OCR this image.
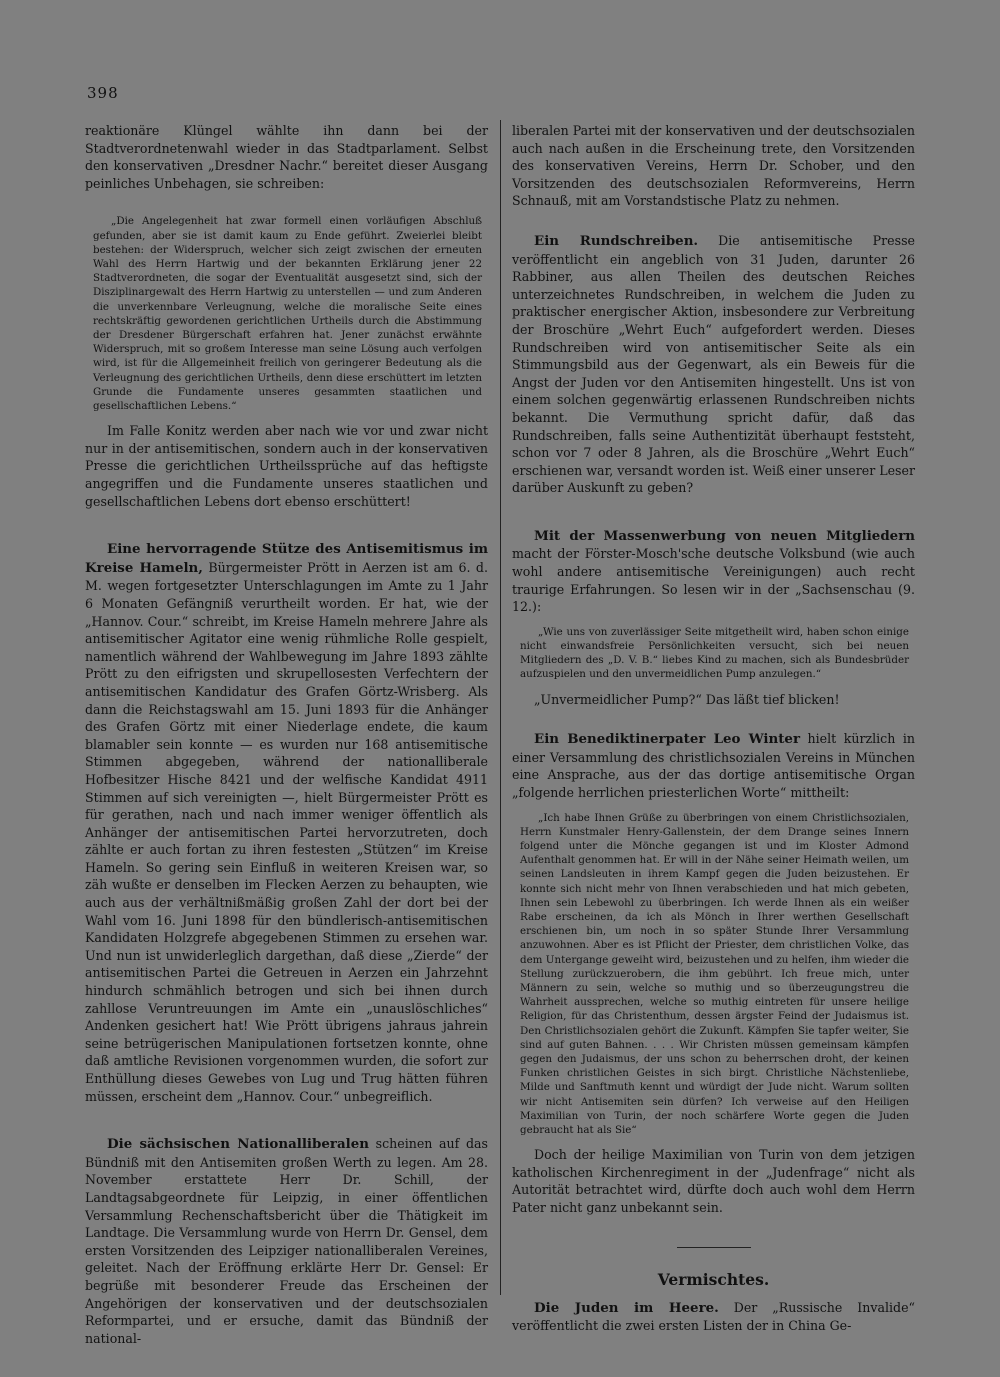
398

reaktionäre Klüngel wählte ihn dann bei der Stadtverordnetenwahl wieder in das Stadtparlament. Selbst den konservativen „Dresdner Nachr.“ bereitet dieser Ausgang peinliches Unbehagen, sie schreiben:

„Die Angelegenheit hat zwar formell einen vorläufigen Abschluß gefunden, aber sie ist damit kaum zu Ende geführt. Zweierlei bleibt bestehen: der Widerspruch, welcher sich zeigt zwischen der erneuten Wahl des Herrn Hartwig und der bekannten Erklärung jener 22 Stadtverordneten, die sogar der Eventualität ausgesetzt sind, sich der Disziplinargewalt des Herrn Hartwig zu unterstellen — und zum Anderen die unverkennbare Verleugnung, welche die moralische Seite eines rechtskräftig gewordenen gerichtlichen Urtheils durch die Abstimmung der Dresdener Bürgerschaft erfahren hat. Jener zunächst erwähnte Widerspruch, mit so großem Interesse man seine Lösung auch verfolgen wird, ist für die Allgemeinheit freilich von geringerer Bedeutung als die Verleugnung des gerichtlichen Urtheils, denn diese erschüttert im letzten Grunde die Fundamente unseres gesammten staatlichen und gesellschaftlichen Lebens.“

Im Falle Konitz werden aber nach wie vor und zwar nicht nur in der antisemitischen, sondern auch in der konservativen Presse die gerichtlichen Urtheilssprüche auf das heftigste angegriffen und die Fundamente unseres staatlichen und gesellschaftlichen Lebens dort ebenso erschüttert!

Eine hervorragende Stütze des Antisemitismus im Kreise Hameln, Bürgermeister Prött in Aerzen ist am 6. d. M. wegen fortgesetzter Unterschlagungen im Amte zu 1 Jahr 6 Monaten Gefängniß verurtheilt worden. Er hat, wie der „Hannov. Cour.“ schreibt, im Kreise Hameln mehrere Jahre als antisemitischer Agitator eine wenig rühmliche Rolle gespielt, namentlich während der Wahlbewegung im Jahre 1893 zählte Prött zu den eifrigsten und skrupellosesten Verfechtern der antisemitischen Kandidatur des Grafen Görtz-Wrisberg. Als dann die Reichstagswahl am 15. Juni 1893 für die Anhänger des Grafen Görtz mit einer Niederlage endete, die kaum blamabler sein konnte — es wurden nur 168 antisemitische Stimmen abgegeben, während der nationalliberale Hofbesitzer Hische 8421 und der welfische Kandidat 4911 Stimmen auf sich vereinigten —, hielt Bürgermeister Prött es für gerathen, nach und nach immer weniger öffentlich als Anhänger der antisemitischen Partei hervorzutreten, doch zählte er auch fortan zu ihren festesten „Stützen“ im Kreise Hameln. So gering sein Einfluß in weiteren Kreisen war, so zäh wußte er denselben im Flecken Aerzen zu behaupten, wie auch aus der verhältnißmäßig großen Zahl der dort bei der Wahl vom 16. Juni 1898 für den bündlerisch-antisemitischen Kandidaten Holzgrefe abgegebenen Stimmen zu ersehen war. Und nun ist unwiderleglich dargethan, daß diese „Zierde“ der antisemitischen Partei die Getreuen in Aerzen ein Jahrzehnt hindurch schmählich betrogen und sich bei ihnen durch zahllose Veruntreuungen im Amte ein „unauslöschliches“ Andenken gesichert hat! Wie Prött übrigens jahraus jahrein seine betrügerischen Manipulationen fortsetzen konnte, ohne daß amtliche Revisionen vorgenommen wurden, die sofort zur Enthüllung dieses Gewebes von Lug und Trug hätten führen müssen, erscheint dem „Hannov. Cour.“ unbegreiflich.

Die sächsischen Nationalliberalen scheinen auf das Bündniß mit den Antisemiten großen Werth zu legen. Am 28. November erstattete Herr Dr. Schill, der Landtagsabgeordnete für Leipzig, in einer öffentlichen Versammlung Rechenschaftsbericht über die Thätigkeit im Landtage. Die Versammlung wurde von Herrn Dr. Gensel, dem ersten Vorsitzenden des Leipziger nationalliberalen Vereines, geleitet. Nach der Eröffnung erklärte Herr Dr. Gensel: Er begrüße mit besonderer Freude das Erscheinen der Angehörigen der konservativen und der deutschsozialen Reformpartei, und er ersuche, damit das Bündniß der national-

liberalen Partei mit der konservativen und der deutschsozialen auch nach außen in die Erscheinung trete, den Vorsitzenden des konservativen Vereins, Herrn Dr. Schober, und den Vorsitzenden des deutschsozialen Reformvereins, Herrn Schnauß, mit am Vorstandstische Platz zu nehmen.

Ein Rundschreiben. Die antisemitische Presse veröffentlicht ein angeblich von 31 Juden, darunter 26 Rabbiner, aus allen Theilen des deutschen Reiches unterzeichnetes Rundschreiben, in welchem die Juden zu praktischer energischer Aktion, insbesondere zur Verbreitung der Broschüre „Wehrt Euch“ aufgefordert werden. Dieses Rundschreiben wird von antisemitischer Seite als ein Stimmungsbild aus der Gegenwart, als ein Beweis für die Angst der Juden vor den Antisemiten hingestellt. Uns ist von einem solchen gegenwärtig erlassenen Rundschreiben nichts bekannt. Die Vermuthung spricht dafür, daß das Rundschreiben, falls seine Authentizität überhaupt feststeht, schon vor 7 oder 8 Jahren, als die Broschüre „Wehrt Euch“ erschienen war, versandt worden ist. Weiß einer unserer Leser darüber Auskunft zu geben?

Mit der Massenwerbung von neuen Mitgliedern macht der Förster-Mosch'sche deutsche Volksbund (wie auch wohl andere antisemitische Vereinigungen) auch recht traurige Erfahrungen. So lesen wir in der „Sachsenschau (9. 12.):

„Wie uns von zuverlässiger Seite mitgetheilt wird, haben schon einige nicht einwandsfreie Persönlichkeiten versucht, sich bei neuen Mitgliedern des „D. V. B.“ liebes Kind zu machen, sich als Bundesbrüder aufzuspielen und den unvermeidlichen Pump anzulegen.“

„Unvermeidlicher Pump?“ Das läßt tief blicken!

Ein Benediktinerpater Leo Winter hielt kürzlich in einer Versammlung des christlichsozialen Vereins in München eine Ansprache, aus der das dortige antisemitische Organ „folgende herrlichen priesterlichen Worte“ mittheilt:

„Ich habe Ihnen Grüße zu überbringen von einem Christlichsozialen, Herrn Kunstmaler Henry-Gallenstein, der dem Drange seines Innern folgend unter die Mönche gegangen ist und im Kloster Admond Aufenthalt genommen hat. Er will in der Nähe seiner Heimath weilen, um seinen Landsleuten in ihrem Kampf gegen die Juden beizustehen. Er konnte sich nicht mehr von Ihnen verabschieden und hat mich gebeten, Ihnen sein Lebewohl zu überbringen. Ich werde Ihnen als ein weißer Rabe erscheinen, da ich als Mönch in Ihrer werthen Gesellschaft erschienen bin, um noch in so später Stunde Ihrer Versammlung anzuwohnen. Aber es ist Pflicht der Priester, dem christlichen Volke, das dem Untergange geweiht wird, beizustehen und zu helfen, ihm wieder die Stellung zurückzuerobern, die ihm gebührt. Ich freue mich, unter Männern zu sein, welche so muthig und so überzeugungstreu die Wahrheit aussprechen, welche so muthig eintreten für unsere heilige Religion, für das Christenthum, dessen ärgster Feind der Judaismus ist. Den Christlichsozialen gehört die Zukunft. Kämpfen Sie tapfer weiter, Sie sind auf guten Bahnen. . . . Wir Christen müssen gemeinsam kämpfen gegen den Judaismus, der uns schon zu beherrschen droht, der keinen Funken christlichen Geistes in sich birgt. Christliche Nächstenliebe, Milde und Sanftmuth kennt und würdigt der Jude nicht. Warum sollten wir nicht Antisemiten sein dürfen? Ich verweise auf den Heiligen Maximilian von Turin, der noch schärfere Worte gegen die Juden gebraucht hat als Sie“

Doch der heilige Maximilian von Turin von dem jetzigen katholischen Kirchenregiment in der „Judenfrage“ nicht als Autorität betrachtet wird, dürfte doch auch wohl dem Herrn Pater nicht ganz unbekannt sein.

Vermischtes.

Die Juden im Heere. Der „Russische Invalide“ veröffentlicht die zwei ersten Listen der in China Ge-
